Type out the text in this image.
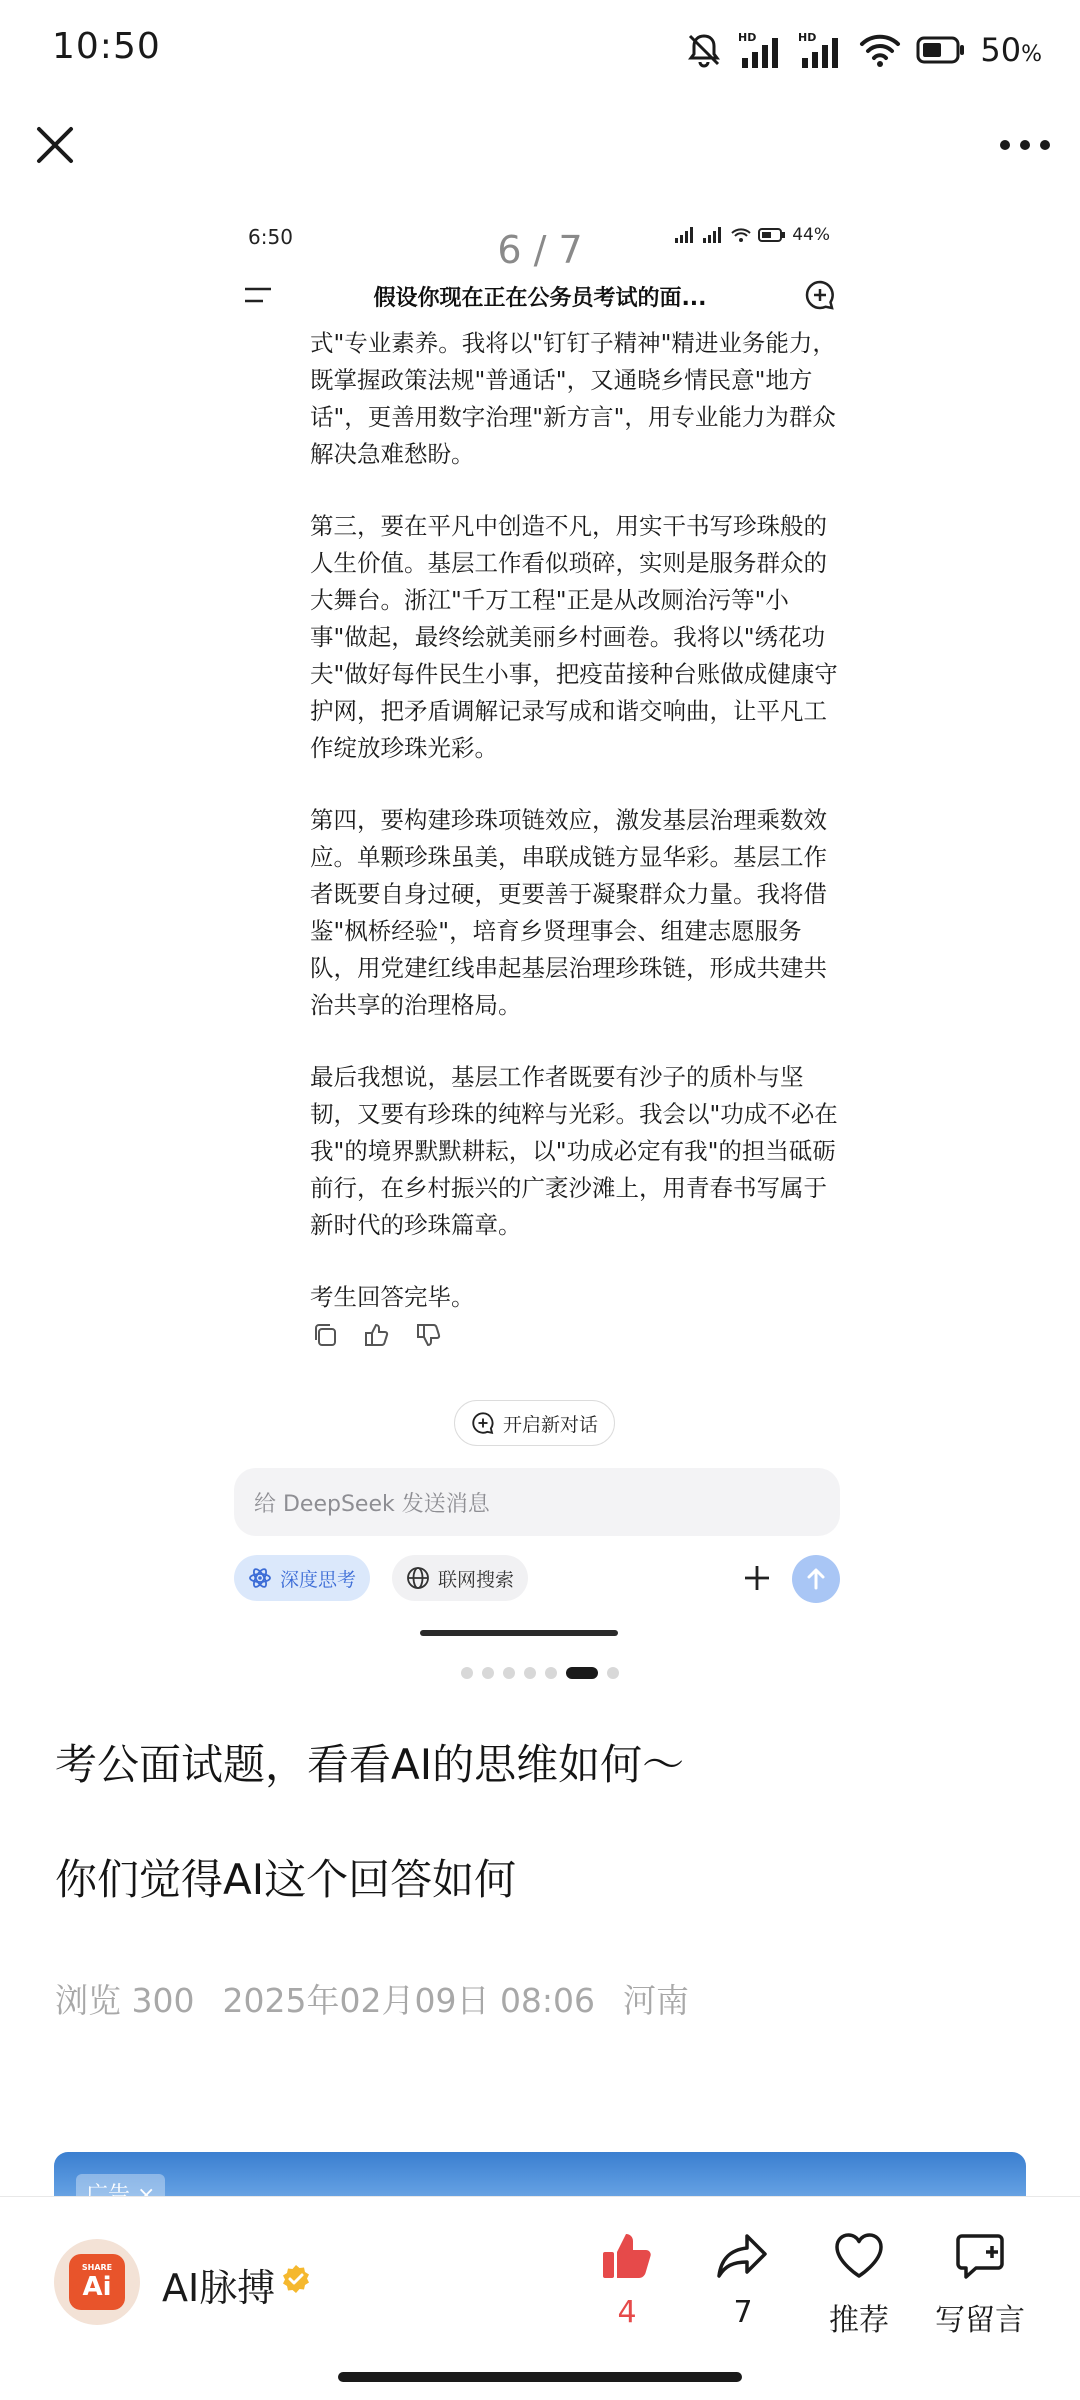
10:50	HD	HD	50%
6:50	44%
假设你现在正在公务员考试的面...

式"专业素养。我将以"钉钉子精神"精进业务能力，既掌握政策法规"普通话"，又通晓乡情民意"地方话"，更善用数字治理"新方言"，用专业能力为群众解决急难愁盼。

第三，要在平凡中创造不凡，用实干书写珍珠般的人生价值。基层工作看似琐碎，实则是服务群众的大舞台。浙江"千万工程"正是从改厕治污等"小事"做起，最终绘就美丽乡村画卷。我将以"绣花功夫"做好每件民生小事，把疫苗接种台账做成健康守护网，把矛盾调解记录写成和谐交响曲，让平凡工作绽放珍珠光彩。

第四，要构建珍珠项链效应，激发基层治理乘数效应。单颗珍珠虽美，串联成链方显华彩。基层工作者既要自身过硬，更要善于凝聚群众力量。我将借鉴"枫桥经验"，培育乡贤理事会、组建志愿服务队，用党建红线串起基层治理珍珠链，形成共建共治共享的治理格局。

最后我想说，基层工作者既要有沙子的质朴与坚韧，又要有珍珠的纯粹与光彩。我会以"功成不必在我"的境界默默耕耘，以"功成必定有我"的担当砥砺前行，在乡村振兴的广袤沙滩上，用青春书写属于新时代的珍珠篇章。

考生回答完毕。

开启新对话
给 DeepSeek 发送消息
深度思考	联网搜索
6 / 7
考公面试题，看看AI的思维如何～
你们觉得AI这个回答如何
浏览 300 2025年02月09日 08:06 河南
SHARE
Ai AI脉搏
4	7	推荐	写留言
